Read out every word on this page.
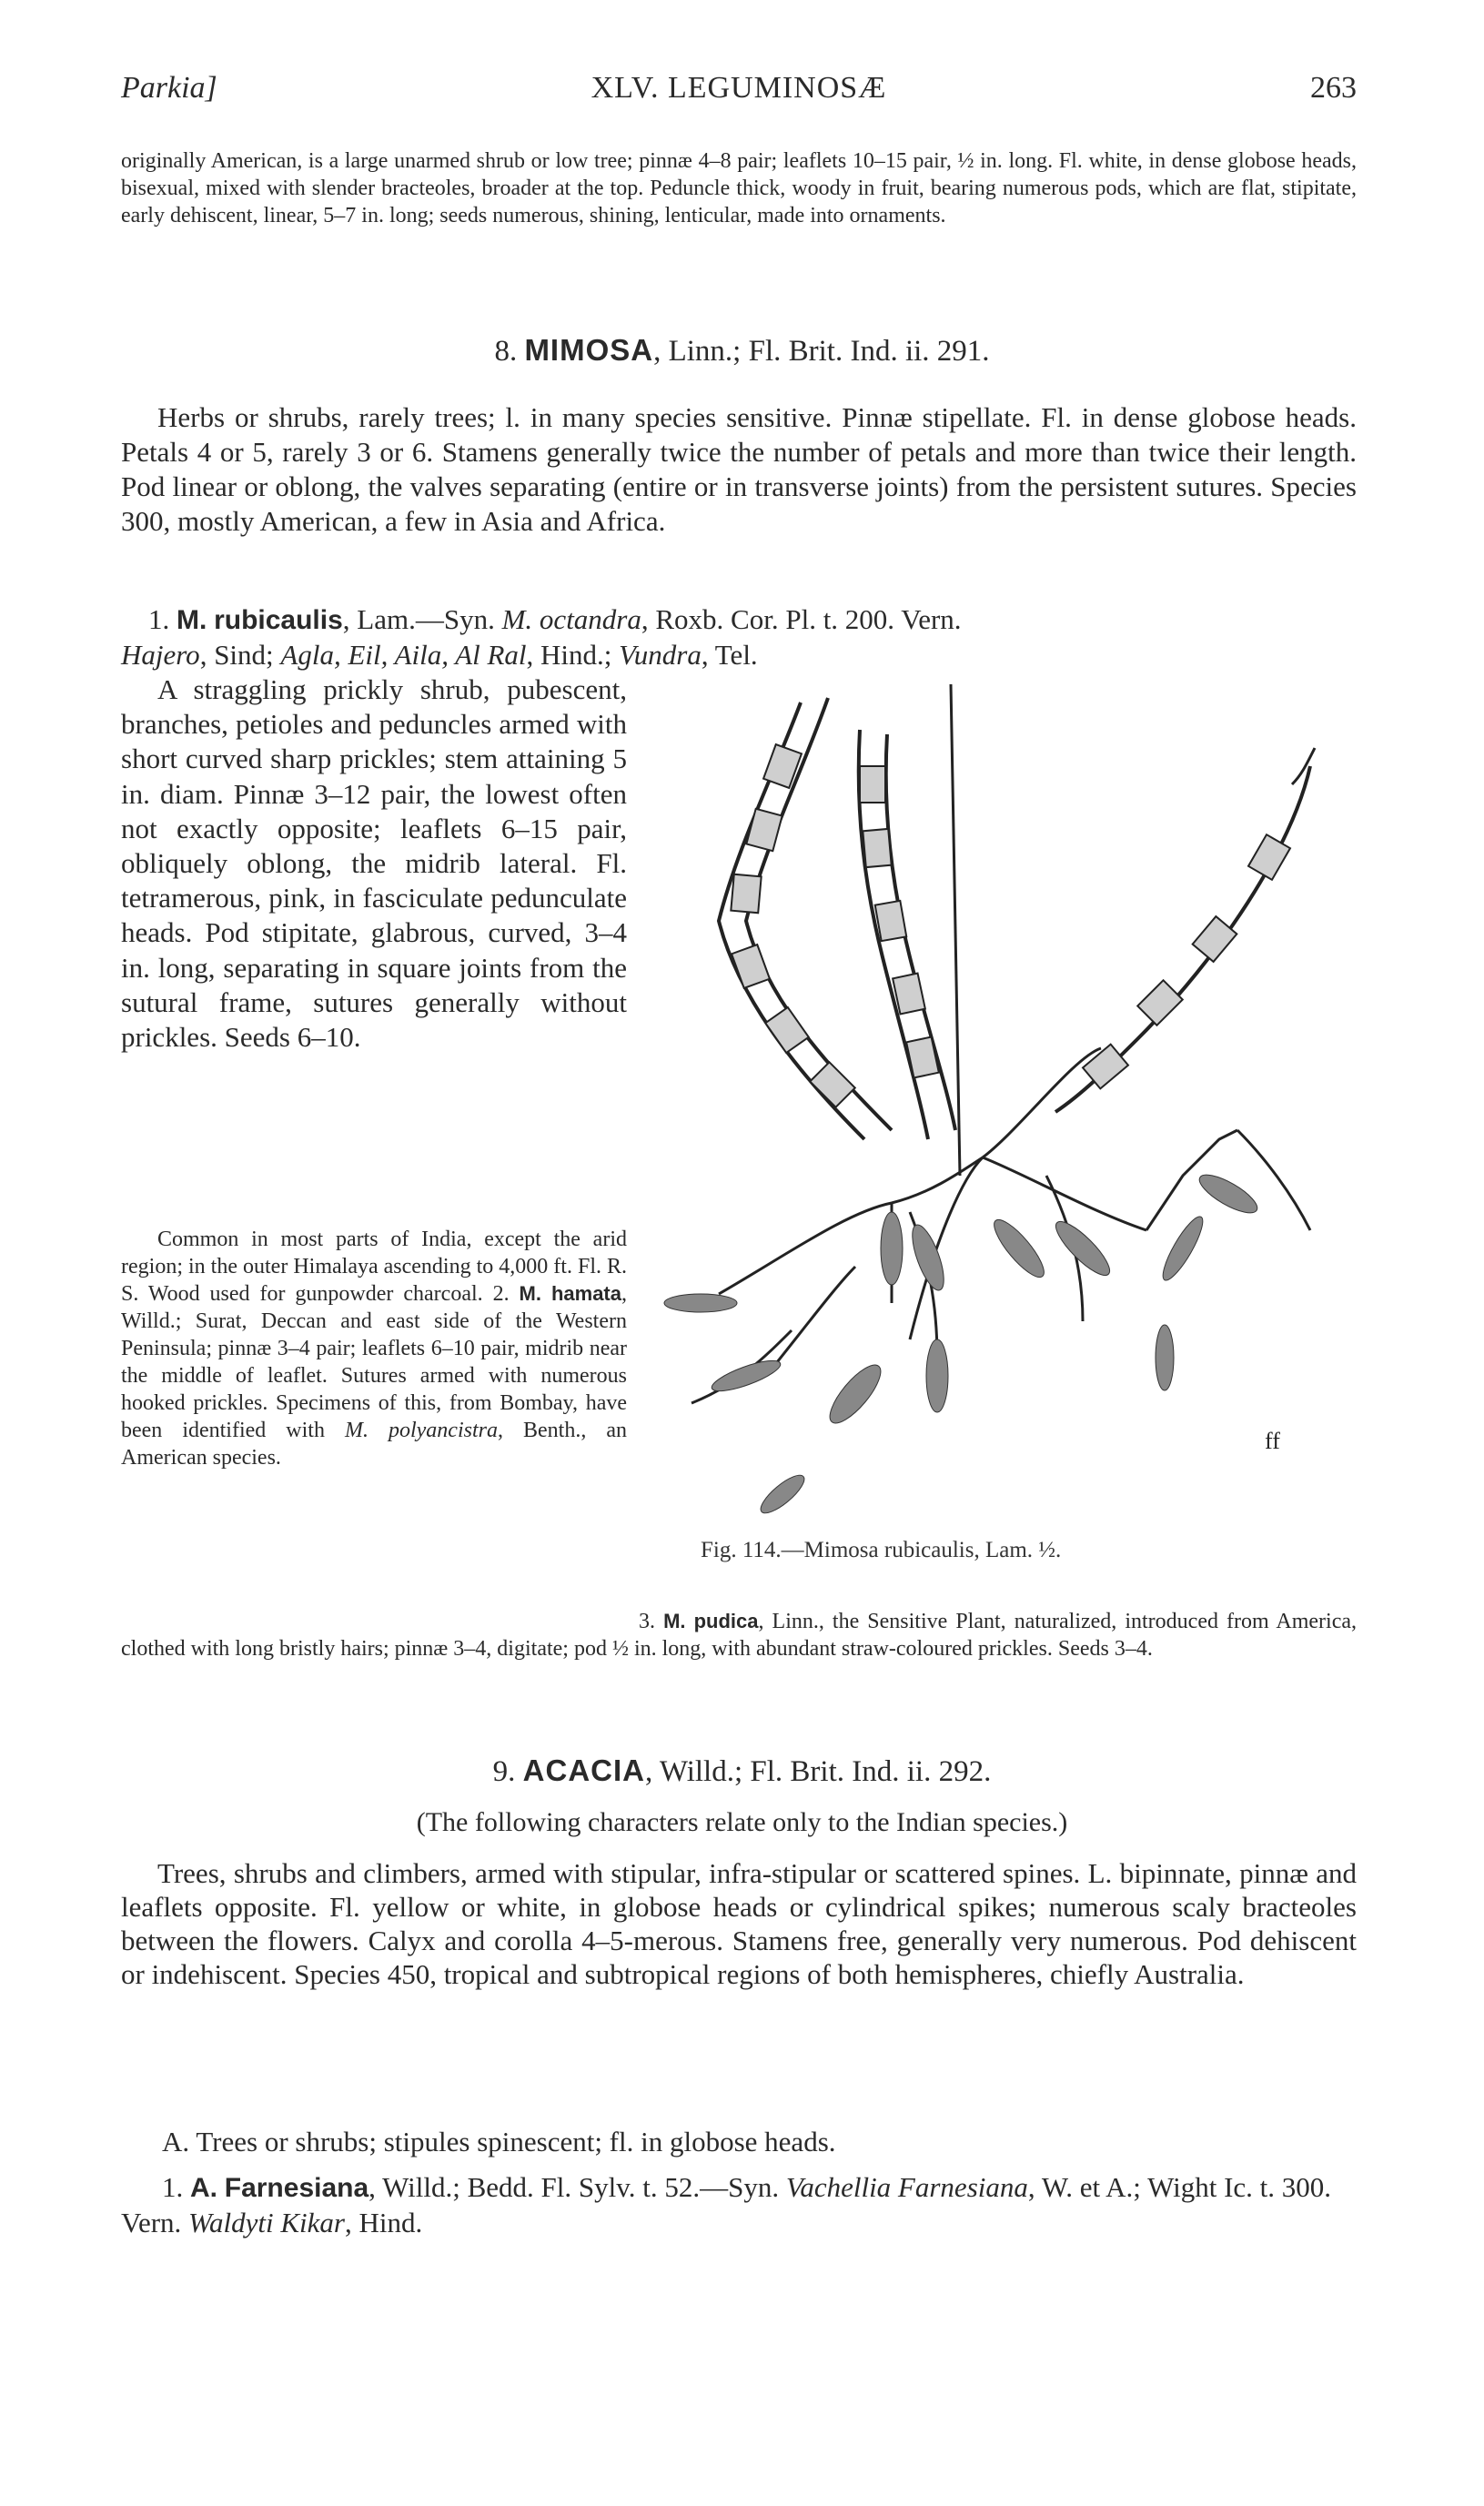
Parkia]	XLV. LEGUMINOSÆ	263
originally American, is a large unarmed shrub or low tree; pinnæ 4–8 pair; leaflets 10–15 pair, ½ in. long. Fl. white, in dense globose heads, bisexual, mixed with slender bracteoles, broader at the top. Peduncle thick, woody in fruit, bearing numerous pods, which are flat, stipitate, early dehiscent, linear, 5–7 in. long; seeds numerous, shining, lenticular, made into ornaments.
8. MIMOSA, Linn.; Fl. Brit. Ind. ii. 291.
Herbs or shrubs, rarely trees; l. in many species sensitive. Pinnæ stipellate. Fl. in dense globose heads. Petals 4 or 5, rarely 3 or 6. Stamens generally twice the number of petals and more than twice their length. Pod linear or oblong, the valves separating (entire or in transverse joints) from the persistent sutures. Species 300, mostly American, a few in Asia and Africa.
1. M. rubicaulis, Lam.—Syn. M. octandra, Roxb. Cor. Pl. t. 200. Vern.
Hajero, Sind; Agla, Eil, Aila, Al Ral, Hind.; Vundra, Tel.
A straggling prickly shrub, pubescent, branches, petioles and peduncles armed with short curved sharp prickles; stem attaining 5 in. diam. Pinnæ 3–12 pair, the lowest often not exactly opposite; leaflets 6–15 pair, obliquely oblong, the midrib lateral. Fl. tetramerous, pink, in fasciculate pedunculate heads. Pod stipitate, glabrous, curved, 3–4 in. long, separating in square joints from the sutural frame, sutures generally without prickles. Seeds 6–10.
Common in most parts of India, except the arid region; in the outer Himalaya ascending to 4,000 ft. Fl. R. S. Wood used for gunpowder charcoal. 2. M. hamata, Willd.; Surat, Deccan and east side of the Western Peninsula; pinnæ 3–4 pair; leaflets 6–10 pair, midrib near the middle of leaflet. Sutures armed with numerous hooked prickles. Specimens of this, from Bombay, have been identified with M. polyancistra, Benth., an American species.
3. M. pudica, Linn., the Sensitive Plant, naturalized, introduced from America, clothed with long bristly hairs; pinnæ 3–4, digitate; pod ½ in. long, with abundant straw-coloured prickles. Seeds 3–4.
ff
Fig. 114.—Mimosa rubicaulis, Lam. ½.
9. ACACIA, Willd.; Fl. Brit. Ind. ii. 292.
(The following characters relate only to the Indian species.)
Trees, shrubs and climbers, armed with stipular, infra-stipular or scattered spines. L. bipinnate, pinnæ and leaflets opposite. Fl. yellow or white, in globose heads or cylindrical spikes; numerous scaly bracteoles between the flowers. Calyx and corolla 4–5-merous. Stamens free, generally very numerous. Pod dehiscent or indehiscent. Species 450, tropical and subtropical regions of both hemispheres, chiefly Australia.
A. Trees or shrubs; stipules spinescent; fl. in globose heads.
1. A. Farnesiana, Willd.; Bedd. Fl. Sylv. t. 52.—Syn. Vachellia Farnesiana, W. et A.; Wight Ic. t. 300. Vern. Waldyti Kikar, Hind.
